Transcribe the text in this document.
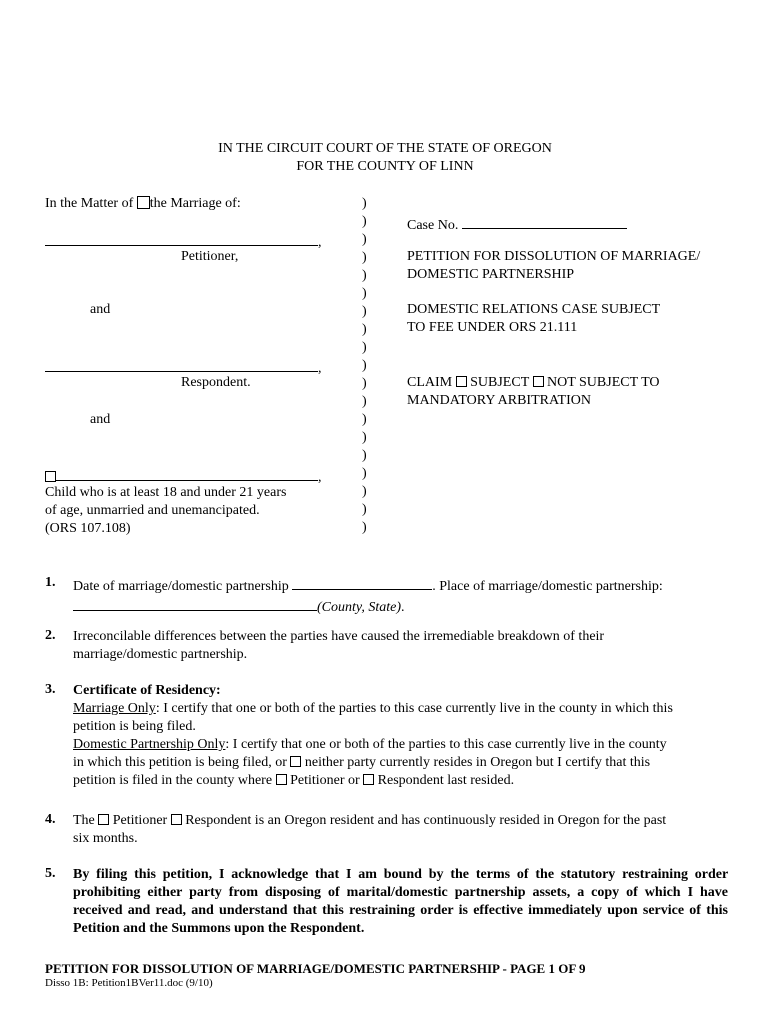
IN THE CIRCUIT COURT OF THE STATE OF OREGON
FOR THE COUNTY OF LINN
In the Matter of the Marriage of:
,
Petitioner,
and
,
Respondent.
and
,
Child who is at least 18 and under 21 years
of age, unmarried and unemancipated.
(ORS 107.108)
)
)
)
)
)
)
)
)
)
)
)
)
)
)
)
)
)
)
)
Case No.
PETITION FOR DISSOLUTION OF MARRIAGE/
DOMESTIC PARTNERSHIP
DOMESTIC RELATIONS CASE SUBJECT
TO FEE UNDER ORS 21.111
CLAIM SUBJECT NOT SUBJECT TO
MANDATORY ARBITRATION
1. Date of marriage/domestic partnership	. Place of marriage/domestic partnership:
(County, State).
2. Irreconcilable differences between the parties have caused the irremediable breakdown of their
marriage/domestic partnership.
3. Certificate of Residency:
Marriage Only: I certify that one or both of the parties to this case currently live in the county in which this
petition is being filed.
Domestic Partnership Only: I certify that one or both of the parties to this case currently live in the county
in which this petition is being filed, or neither party currently resides in Oregon but I certify that this
petition is filed in the county where Petitioner or Respondent last resided.
4. The Petitioner Respondent is an Oregon resident and has continuously resided in Oregon for the past
six months.
5. By filing this petition, I acknowledge that I am bound by the terms of the statutory restraining order prohibiting either party from disposing of marital/domestic partnership assets, a copy of which I have received and read, and understand that this restraining order is effective immediately upon service of this Petition and the Summons upon the Respondent.
PETITION FOR DISSOLUTION OF MARRIAGE/DOMESTIC PARTNERSHIP - PAGE 1 OF 9
Disso 1B: Petition1BVer11.doc (9/10)
